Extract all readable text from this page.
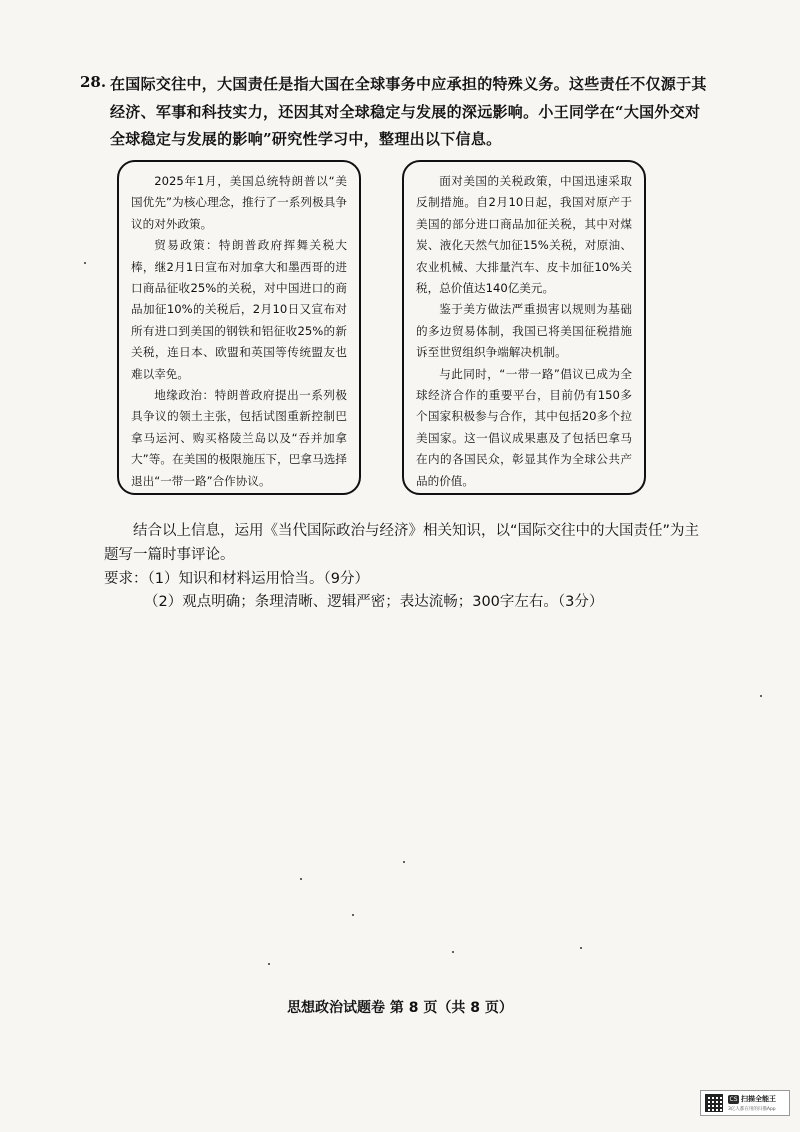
28. 在国际交往中，大国责任是指大国在全球事务中应承担的特殊义务。这些责任不仅源于其
经济、军事和科技实力，还因其对全球稳定与发展的深远影响。小王同学在“大国外交对
全球稳定与发展的影响”研究性学习中，整理出以下信息。

2025年1月，美国总统特朗普以“美国优先”为核心理念，推行了一系列极具争议的对外政策。

贸易政策：特朗普政府挥舞关税大棒，继2月1日宣布对加拿大和墨西哥的进口商品征收25%的关税，对中国进口的商品加征10%的关税后，2月10日又宣布对所有进口到美国的钢铁和铝征收25%的新关税，连日本、欧盟和英国等传统盟友也难以幸免。

地缘政治：特朗普政府提出一系列极具争议的领土主张，包括试图重新控制巴拿马运河、购买格陵兰岛以及“吞并加拿大”等。在美国的极限施压下，巴拿马选择退出“一带一路”合作协议。

面对美国的关税政策，中国迅速采取反制措施。自2月10日起，我国对原产于美国的部分进口商品加征关税，其中对煤炭、液化天然气加征15%关税，对原油、农业机械、大排量汽车、皮卡加征10%关税，总价值达140亿美元。

鉴于美方做法严重损害以规则为基础的多边贸易体制，我国已将美国征税措施诉至世贸组织争端解决机制。

与此同时，“一带一路”倡议已成为全球经济合作的重要平台，目前仍有150多个国家积极参与合作，其中包括20多个拉美国家。这一倡议成果惠及了包括巴拿马在内的各国民众，彰显其作为全球公共产品的价值。

结合以上信息，运用《当代国际政治与经济》相关知识，以“国际交往中的大国责任”为主题写一篇时事评论。
要求：（1）知识和材料运用恰当。（9分）
（2）观点明确；条理清晰、逻辑严密；表达流畅；300字左右。（3分）
思想政治试题卷 第 8 页（共 8 页）
CS 扫描全能王
3亿人都在用的扫描App
